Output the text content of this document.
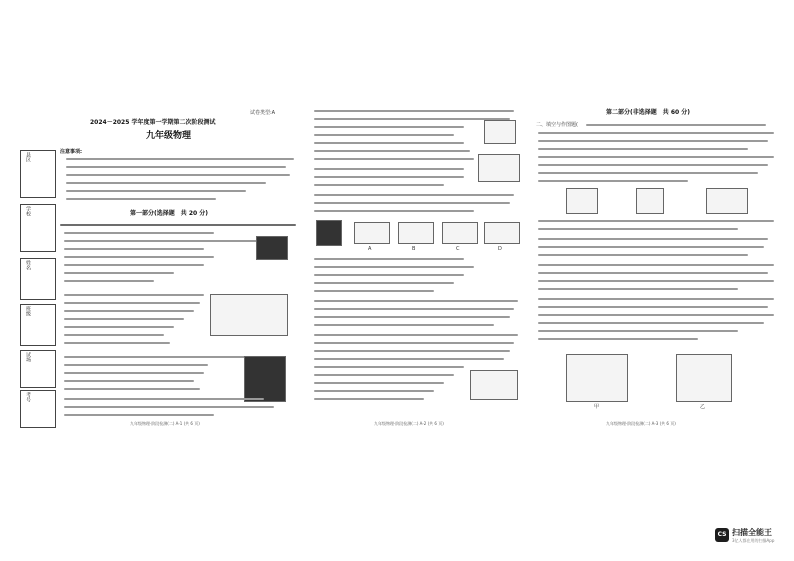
县区
学校
姓名
班级
试场
考号
试卷类型:A
2024－2025 学年度第一学期第二次阶段测试
九年级物理
注意事项:
第一部分(选择题　共 20 分)
九年级物理·阶段检测(二) A-1 (共 6 页)
A	B	C	D
九年级物理·阶段检测(二) A-2 (共 6 页)
第二部分(非选择题　共 60 分)
二、填空与作图题(
甲	乙
九年级物理·阶段检测(二) A-3 (共 6 页)
CS 扫描全能王
3亿人都在用的扫描App
